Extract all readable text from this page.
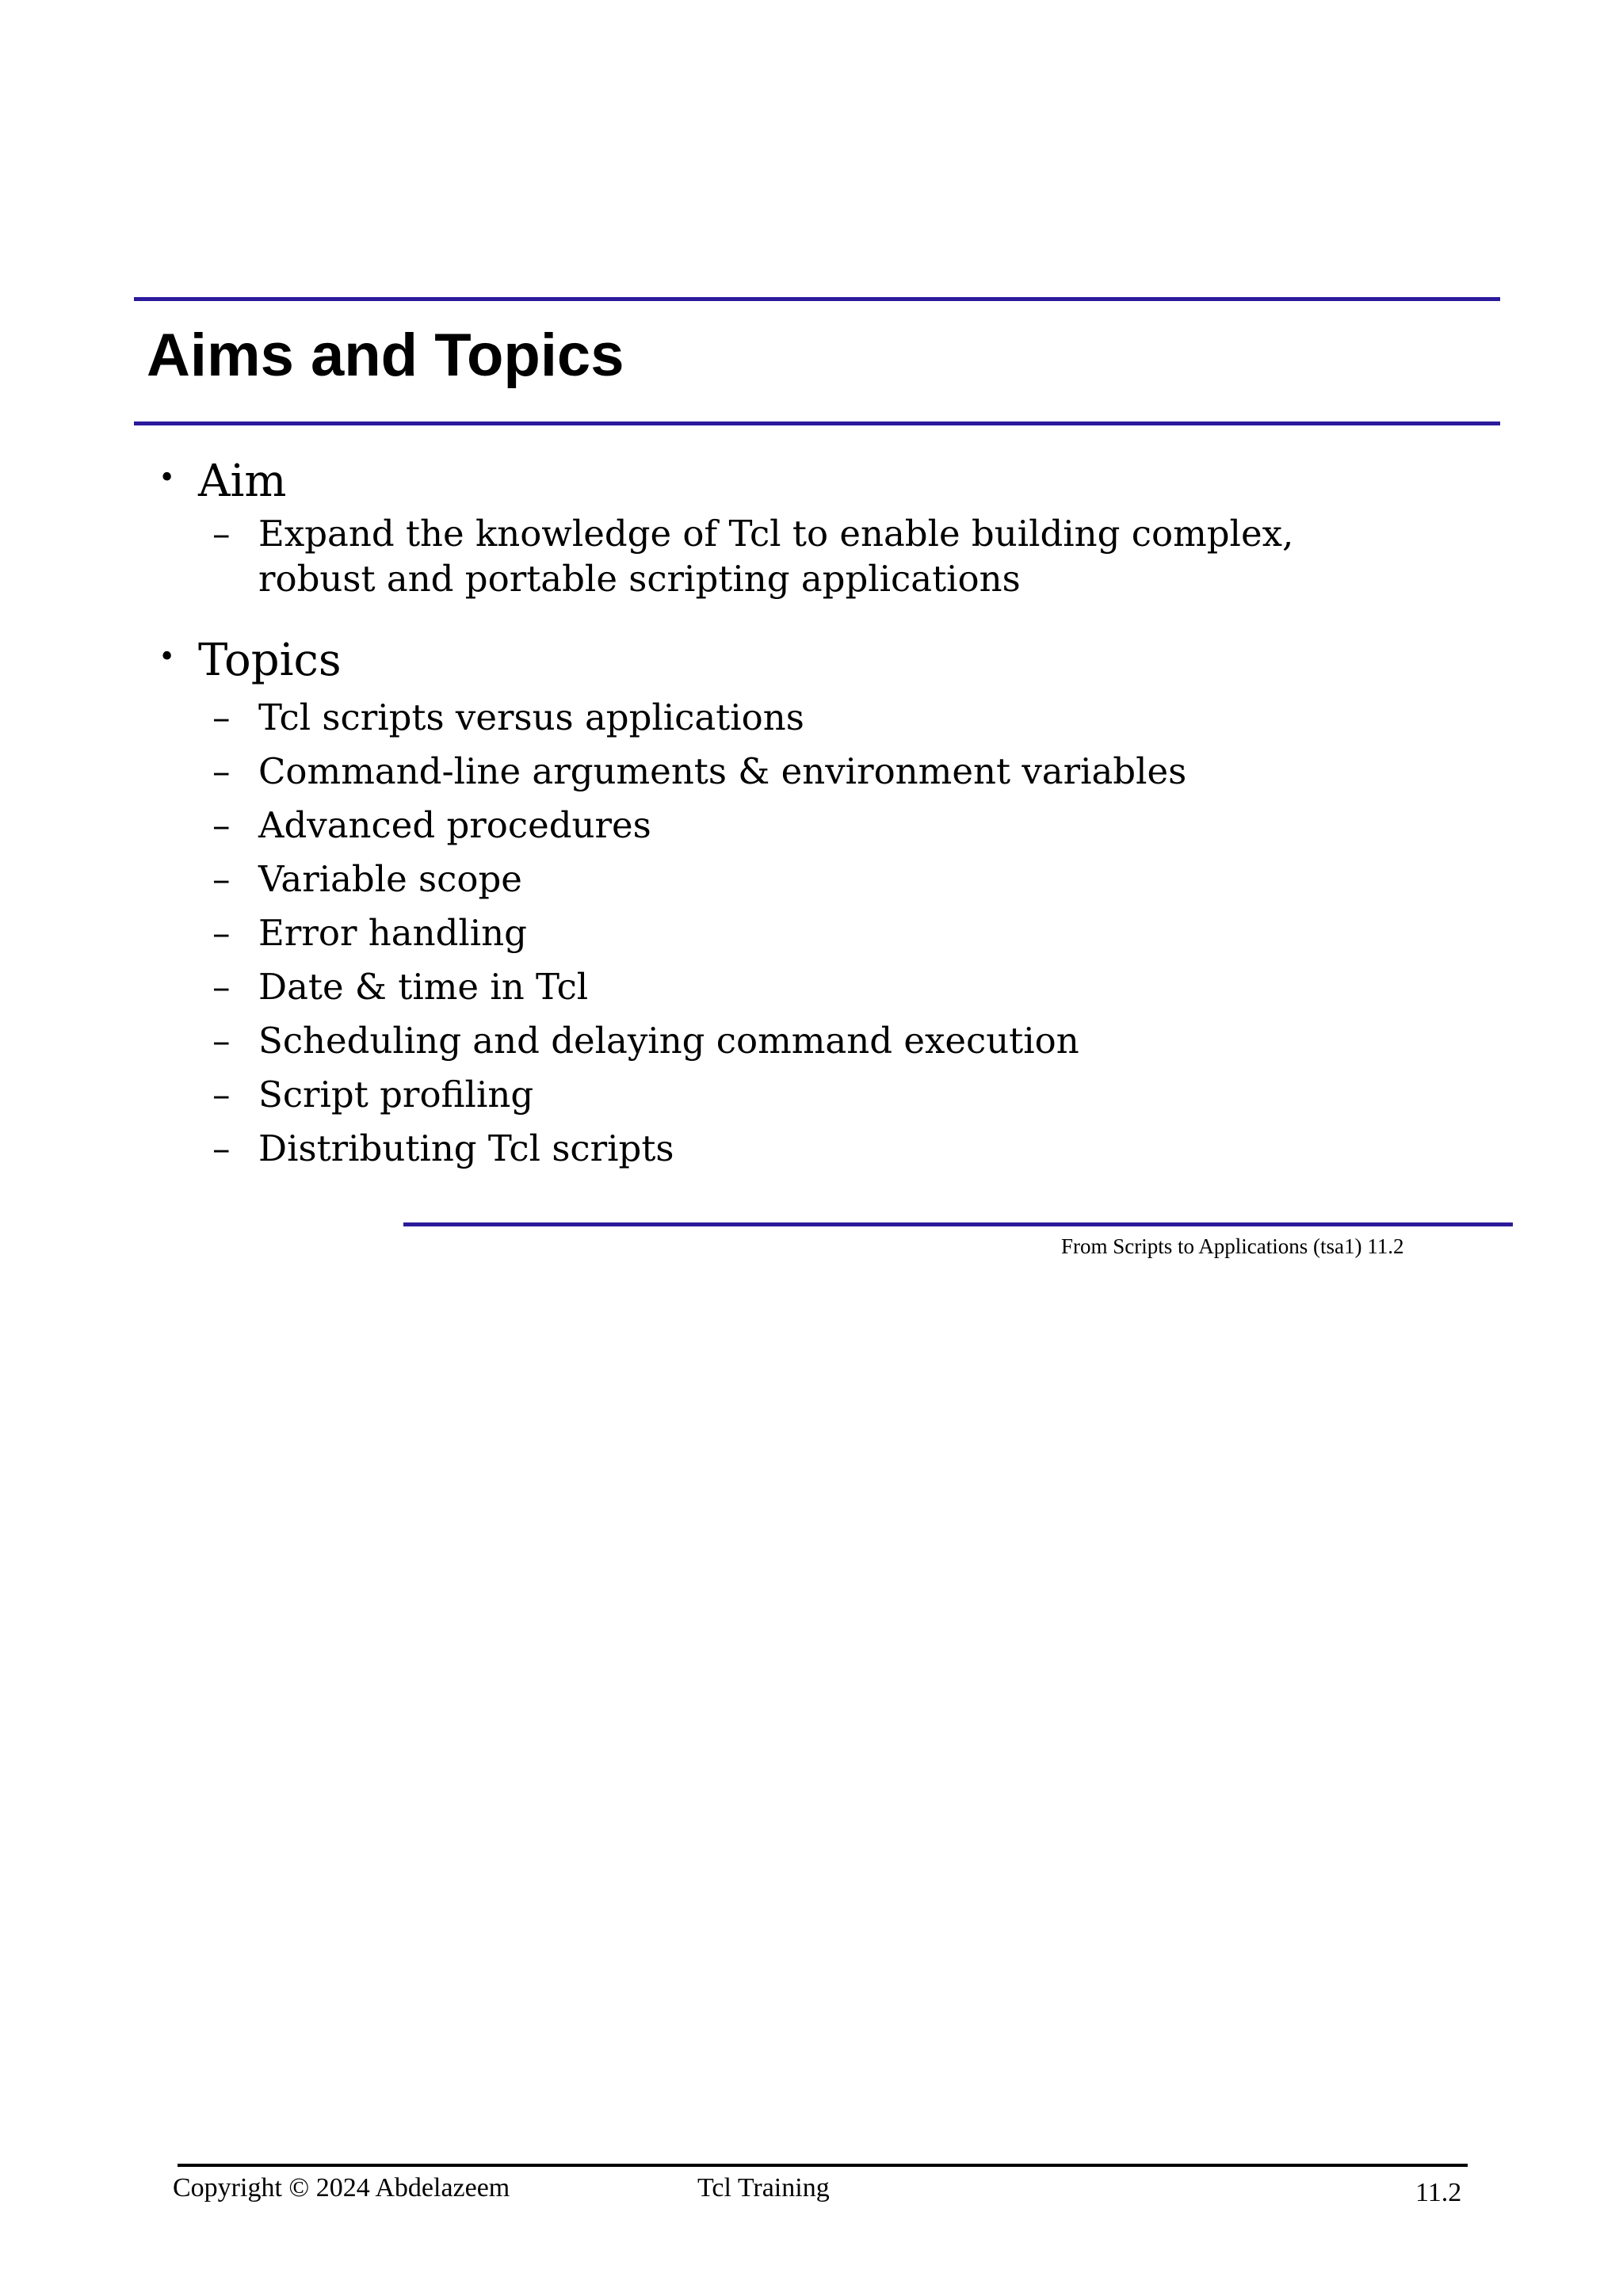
Aims and Topics
• Aim
– Expand the knowledge of Tcl to enable building complex, robust and portable scripting applications
• Topics
– Tcl scripts versus applications
– Command-line arguments & environment variables
– Advanced procedures
– Variable scope
– Error handling
– Date & time in Tcl
– Scheduling and delaying command execution
– Script profiling
– Distributing Tcl scripts
From Scripts to Applications (tsa1) 11.2
Copyright © 2024 Abdelazeem	Tcl Training	11.2
